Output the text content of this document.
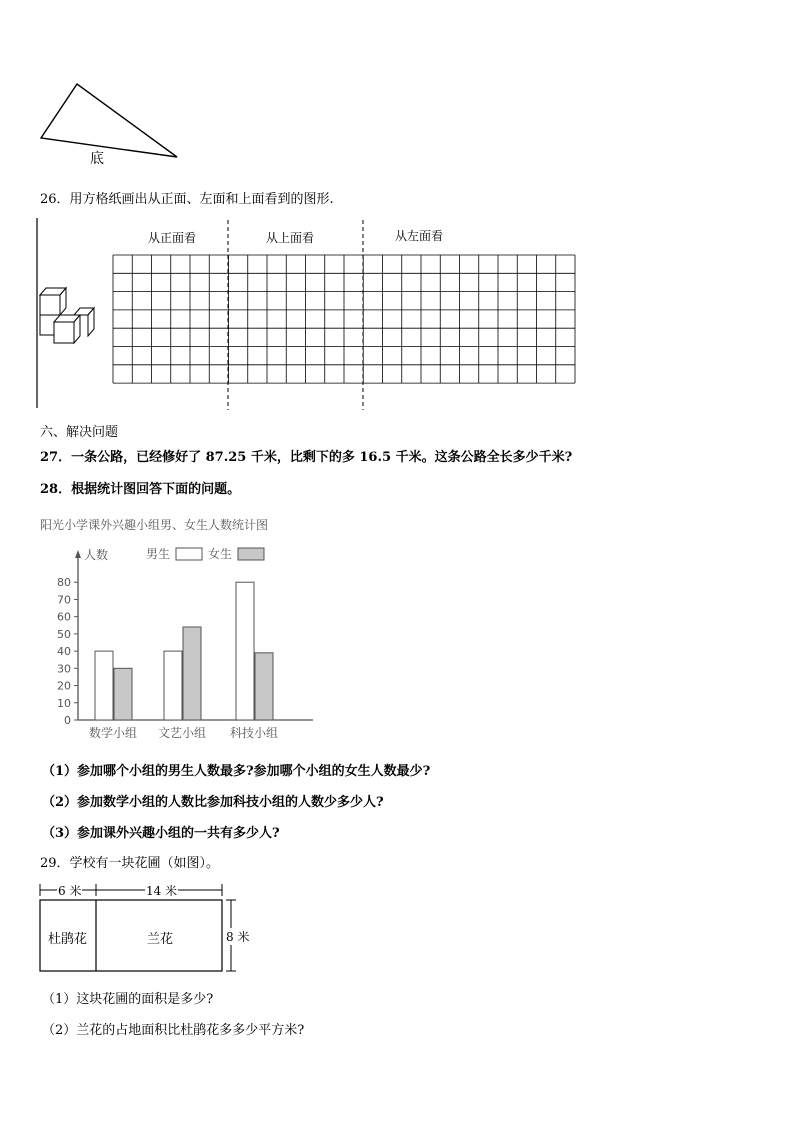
底
26．用方格纸画出从正面、左面和上面看到的图形.
从正面看	从上面看	从左面看
六、解决问题
27．一条公路，已经修好了 87.25 千米，比剩下的多 16.5 千米。这条公路全长多少千米?
28．根据统计图回答下面的问题。
阳光小学课外兴趣小组男、女生人数统计图
人数
0
10
20
30
40
50
60
70
80
男生	女生
数学小组 文艺小组 科技小组
（1）参加哪个小组的男生人数最多?参加哪个小组的女生人数最少?
（2）参加数学小组的人数比参加科技小组的人数少多少人?
（3）参加课外兴趣小组的一共有多少人?
29．学校有一块花圃（如图）。
6 米	14 米
8 米
杜鹃花	兰花
（1）这块花圃的面积是多少?
（2）兰花的占地面积比杜鹃花多多少平方米?
